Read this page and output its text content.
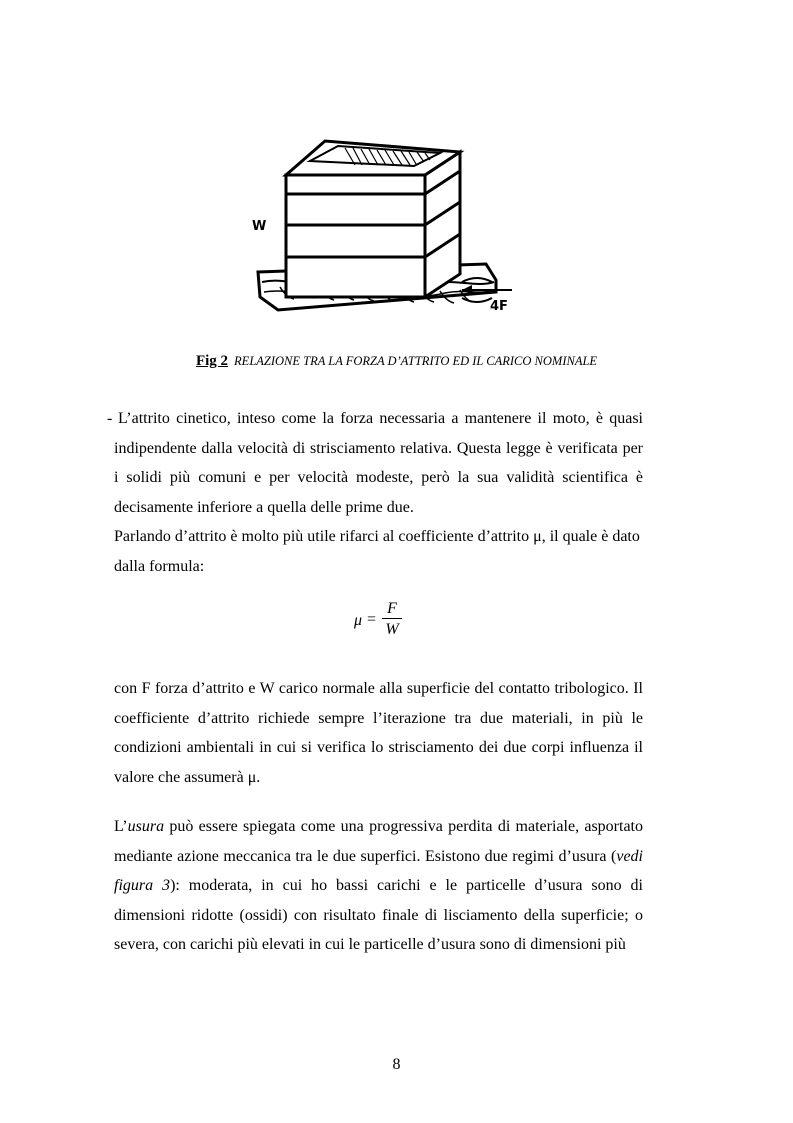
W
4F
Fig 2 RELAZIONE TRA LA FORZA D’ATTRITO ED IL CARICO NOMINALE
- L’attrito cinetico, inteso come la forza necessaria a mantenere il moto, è quasi indipendente dalla velocità di strisciamento relativa. Questa legge è verificata per i solidi più comuni e per velocità modeste, però la sua validità scientifica è decisamente inferiore a quella delle prime due.

Parlando d’attrito è molto più utile rifarci al coefficiente d’attrito μ, il quale è dato dalla formula:

μ =
F
W

con F forza d’attrito e W carico normale alla superficie del contatto tribologico. Il coefficiente d’attrito richiede sempre l’iterazione tra due materiali, in più le condizioni ambientali in cui si verifica lo strisciamento dei due corpi influenza il valore che assumerà μ.

L’usura può essere spiegata come una progressiva perdita di materiale, asportato mediante azione meccanica tra le due superfici. Esistono due regimi d’usura (vedi figura 3): moderata, in cui ho bassi carichi e le particelle d’usura sono di dimensioni ridotte (ossidi) con risultato finale di lisciamento della superficie; o severa, con carichi più elevati in cui le particelle d’usura sono di dimensioni più

8
